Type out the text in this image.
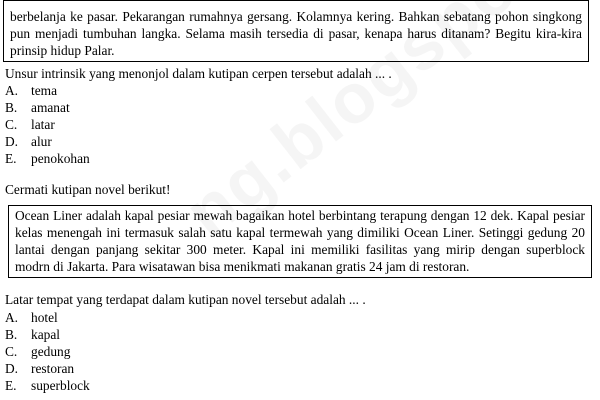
berbelanja ke pasar. Pekarangan rumahnya gersang. Kolamnya kering. Bahkan sebatang pohon singkong pun menjadi tumbuhan langka. Selama masih tersedia di pasar, kenapa harus ditanam? Begitu kira-kira prinsip hidup Palar.
Unsur intrinsik yang menonjol dalam kutipan cerpen tersebut adalah ... .
A. tema
B. amanat
C. latar
D. alur
E. penokohan
Cermati kutipan novel berikut!
Ocean Liner adalah kapal pesiar mewah bagaikan hotel berbintang terapung dengan 12 dek. Kapal pesiar kelas menengah ini termasuk salah satu kapal termewah yang dimiliki Ocean Liner. Setinggi gedung 20 lantai dengan panjang sekitar 300 meter. Kapal ini memiliki fasilitas yang mirip dengan superblock modrn di Jakarta. Para wisatawan bisa menikmati makanan gratis 24 jam di restoran.
Latar tempat yang terdapat dalam kutipan novel tersebut adalah ... .
A. hotel
B. kapal
C. gedung
D. restoran
E. superblock
